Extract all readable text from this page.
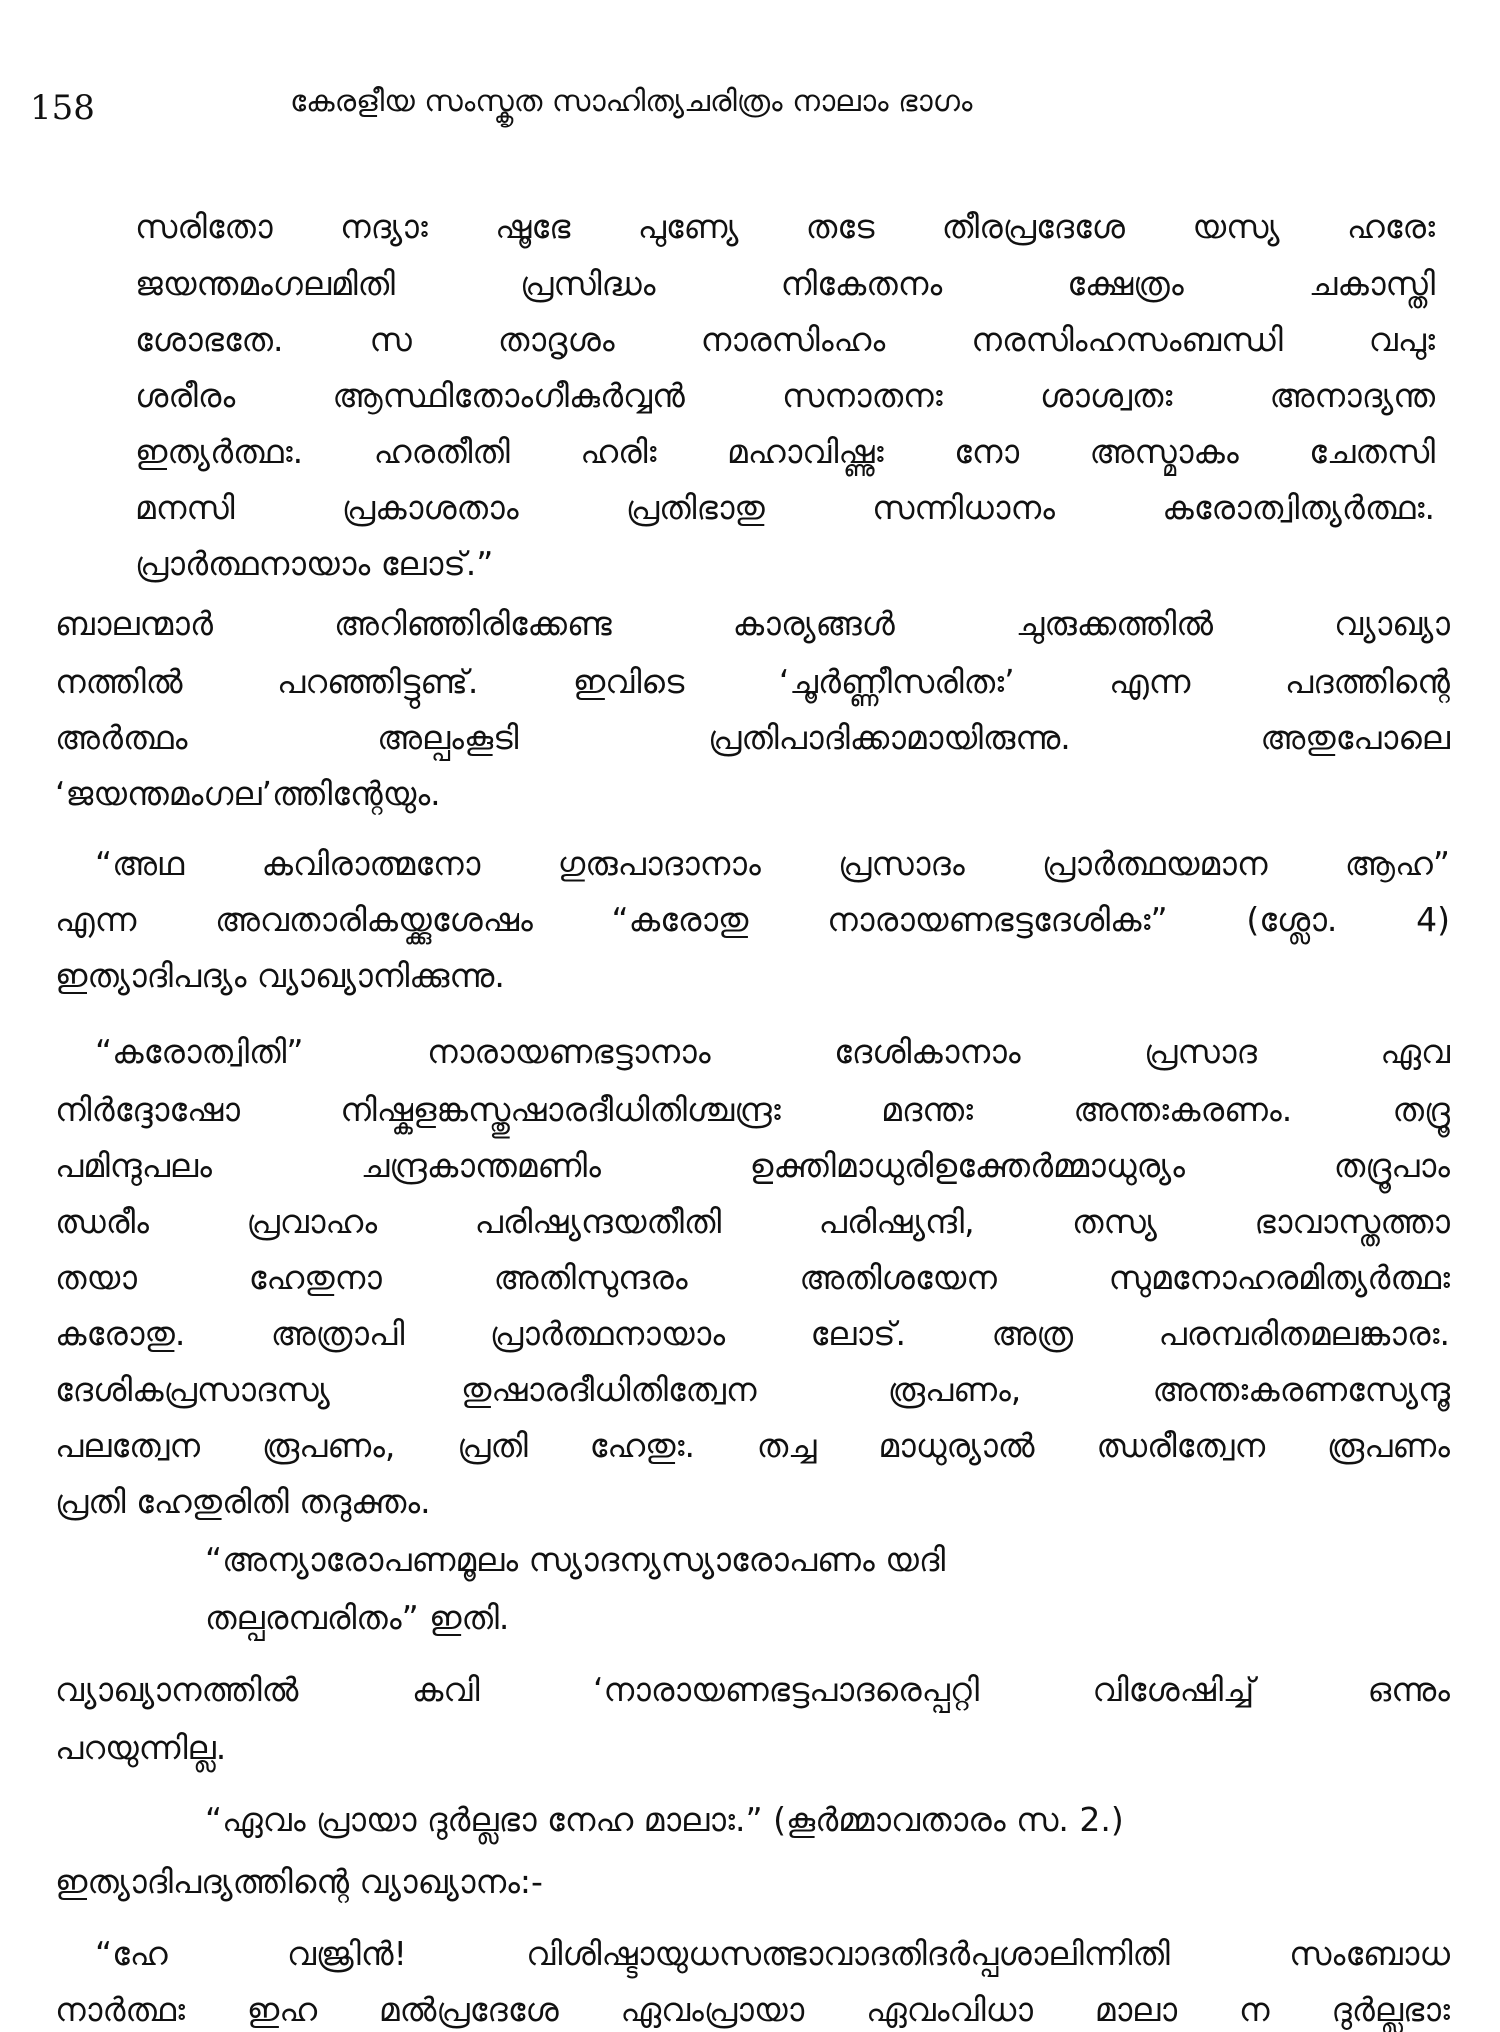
158	കേരളീയ സംസ്കൃത സാഹിത്യചരിത്രം നാലാം ഭാഗം
സരിതോ നദ്യാഃ ഷൂഭേ പുണ്യേ തടേ തീരപ്രദേശേ യസ്യ ഹരേഃ
ജയന്തമംഗലമിതി പ്രസിദ്ധം നികേതനം ക്ഷേത്രം ചകാസ്തി
ശോഭതേ. സ താദൃശം നാരസിംഹം നരസിംഹസംബന്ധി വപുഃ
ശരീരം ആസ്ഥിതോംഗീകുർവ്വൻ സനാതനഃ ശാശ്വതഃ അനാദ്യന്ത
ഇത്യർത്ഥഃ. ഹരതീതി ഹരിഃ മഹാവിഷ്ണുഃ നോ അസ്മാകം ചേതസി
മനസി പ്രകാശതാം പ്രതിഭാതു സന്നിധാനം കരോത്വിത്യർത്ഥഃ.
പ്രാർത്ഥനായാം ലോട്.”
ബാലന്മാർ അറിഞ്ഞിരിക്കേണ്ട കാര്യങ്ങൾ ചുരുക്കത്തിൽ വ്യാഖ്യാ
നത്തിൽ പറഞ്ഞിട്ടുണ്ട്. ഇവിടെ ‘ചൂർണ്ണീസരിതഃ’ എന്ന പദത്തിന്റെ
അർത്ഥം അല്പംകൂടി പ്രതിപാദിക്കാമായിരുന്നു. അതുപോലെ
‘ജയന്തമംഗല’ത്തിന്റേയും.
“അഥ കവിരാത്മനോ ഗുരുപാദാനാം പ്രസാദം പ്രാർത്ഥയമാന ആഹ”
എന്ന അവതാരികയ്ക്കുശേഷം “കരോതു നാരായണഭട്ടദേശികഃ” (ശ്ലോ. 4)
ഇത്യാദിപദ്യം വ്യാഖ്യാനിക്കുന്നു.
“കരോത്വിതി” നാരായണഭട്ടാനാം ദേശികാനാം പ്രസാദ ഏവ
നിർദ്ദോഷോ നിഷ്കളങ്കസ്തുഷാരദീധിതിശ്ചന്ദ്രഃ മദന്തഃ അന്തഃകരണം. തദ്രൂ
പമിന്ദുപലം ചന്ദ്രകാന്തമണിം ഉക്തിമാധുരിഉക്തേർമ്മാധുര്യം തദ്രൂപാം
ഝരീം പ്രവാഹം പരിഷ്യന്ദയതീതി പരിഷ്യന്ദി, തസ്യ ഭാവാസ്തത്താ
തയാ ഹേതുനാ അതിസുന്ദരം അതിശയേന സുമനോഹരമിത്യർത്ഥഃ
കരോതു. അത്രാപി പ്രാർത്ഥനായാം ലോട്. അത്ര പരമ്പരിതമലങ്കാരഃ.
ദേശികപ്രസാദസ്യ തുഷാരദീധിതിത്വേന രൂപണം, അന്തഃകരണസ്യേന്ദൂ
പലത്വേന രൂപണം, പ്രതി ഹേതുഃ. തച്ച മാധുര്യാൽ ഝരീത്വേന രൂപണം
പ്രതി ഹേതുരിതി തദുക്തം.
“അന്യാരോപണമൂലം സ്യാദന്യസ്യാരോപണം യദി
തല്പരമ്പരിതം” ഇതി.
വ്യാഖ്യാനത്തിൽ കവി ‘നാരായണഭട്ടപാദരെപ്പറ്റി വിശേഷിച്ച് ഒന്നും
പറയുന്നില്ല.
“ഏവം പ്രായാ ദുർല്ലഭാ നേഹ മാലാഃ.” (കൂർമ്മാവതാരം സ. 2.)
ഇത്യാദിപദ്യത്തിന്റെ വ്യാഖ്യാനം:-
“ഹേ വജ്രിൻ! വിശിഷ്ടായുധസത്ഭാവാദതിദർപ്പശാലിന്നിതി സംബോധ
നാർത്ഥഃ ഇഹ മൽപ്രദേശേ ഏവംപ്രായാ ഏവംവിധാ മാലാ ന ദുർല്ലഭാഃ
